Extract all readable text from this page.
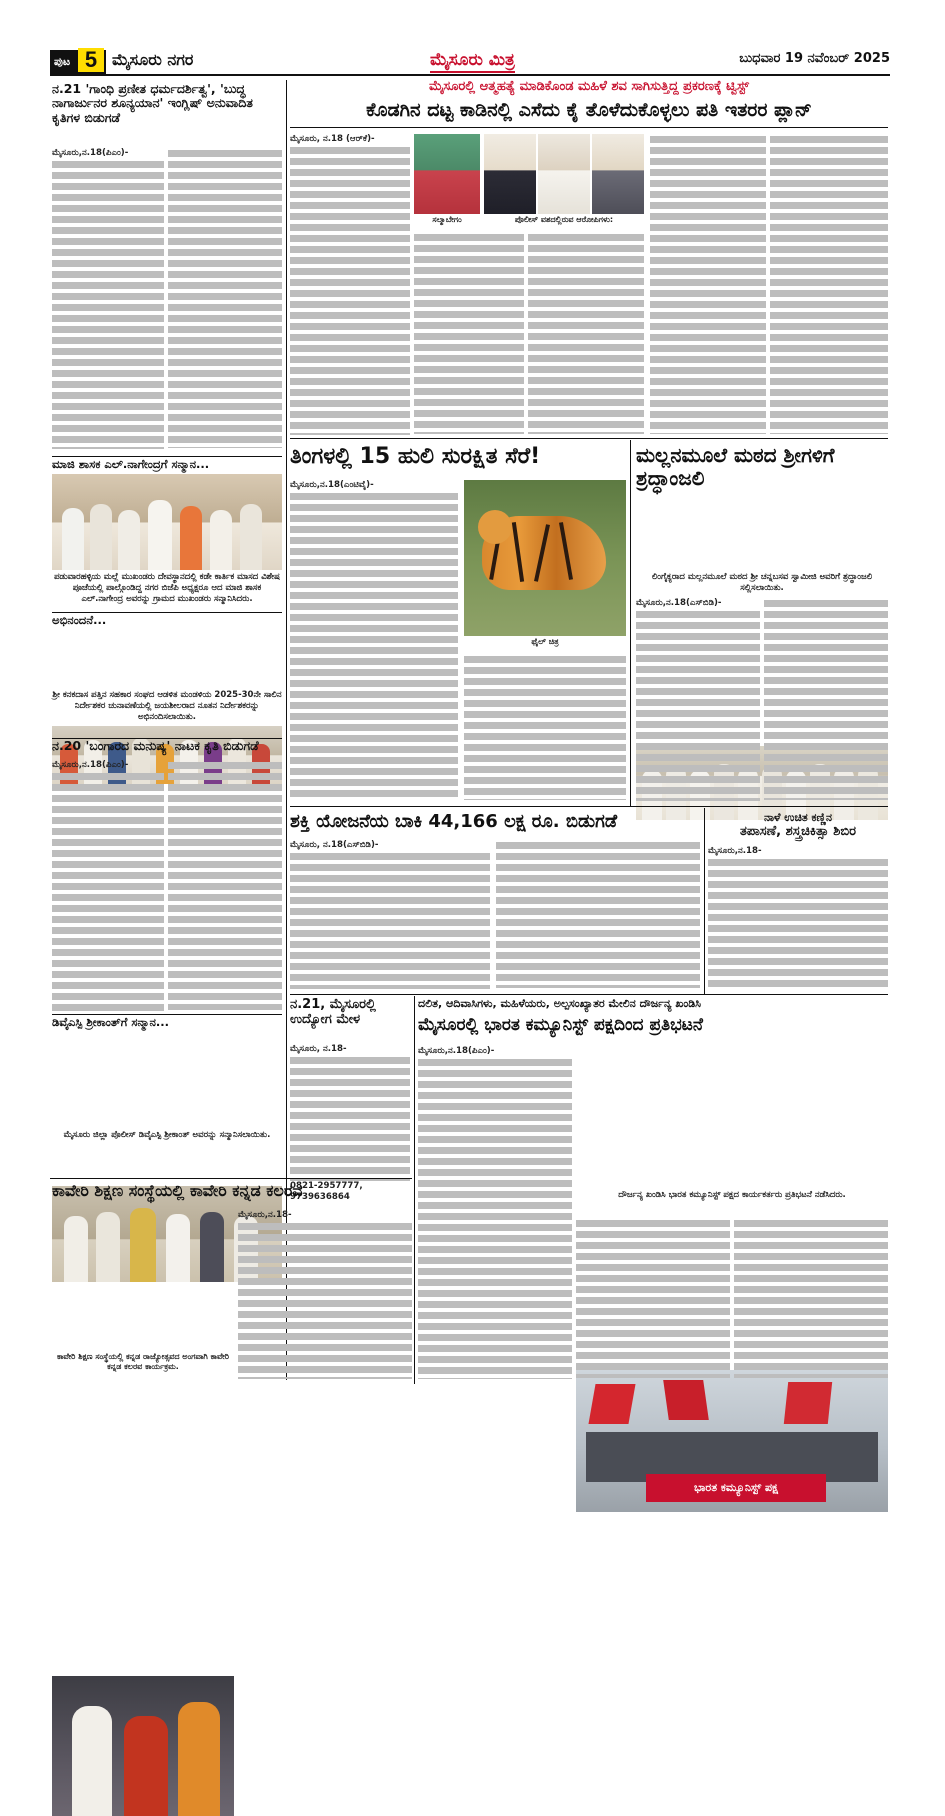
ಪುಟ 5 ಮೈಸೂರು ನಗರ	ಮೈಸೂರು ಮಿತ್ರ	ಬುಧವಾರ 19 ನವೆಂಬರ್ 2025
ನ.21 'ಗಾಂಧಿ ಪ್ರಣೀತ ಧರ್ಮದರ್ಶಿತ್ವ', 'ಬುದ್ಧ ನಾಗಾರ್ಜುನರ ಶೂನ್ಯಯಾನ' ಇಂಗ್ಲಿಷ್ ಅನುವಾದಿತ ಕೃತಿಗಳ ಬಿಡುಗಡೆ
ಮೈಸೂರು,ನ.18(ಪಿಎಂ)-
ಮಾಜಿ ಶಾಸಕ ಎಲ್.ನಾಗೇಂದ್ರಗೆ ಸನ್ಮಾನ...
ಪಡುವಾರಹಳ್ಳಿಯ ಮಲ್ಲೆ ಮುಖಂಡರು ದೇವಸ್ಥಾನದಲ್ಲಿ ಕಡೇ ಕಾರ್ತಿಕ ಮಾಸದ ವಿಶೇಷ ಪೂಜೆಯಲ್ಲಿ ಪಾಲ್ಗೊಂಡಿದ್ದ ನಗರ ಬಿಜೆಪಿ ಅಧ್ಯಕ್ಷರೂ ಆದ ಮಾಜಿ ಶಾಸಕ ಎಲ್.ನಾಗೇಂದ್ರ ಅವರನ್ನು ಗ್ರಾಮದ ಮುಖಂಡರು ಸನ್ಮಾನಿಸಿದರು.
ಅಭಿನಂದನೆ...
ಶ್ರೀ ಕನಕದಾಸ ಪತ್ತಿನ ಸಹಕಾರ ಸಂಘದ ಆಡಳಿತ ಮಂಡಳಿಯ 2025-30ನೇ ಸಾಲಿನ ನಿರ್ದೇಶಕರ ಚುನಾವಣೆಯಲ್ಲಿ ಜಯಶೀಲರಾದ ನೂತನ ನಿರ್ದೇಶಕರನ್ನು ಅಭಿನಂದಿಸಲಾಯಿತು.
ನ.20 'ಬಂಗಾರದ ಮನುಷ್ಯ' ನಾಟಕ ಕೃತಿ ಬಿಡುಗಡೆ
ಮೈಸೂರು,ನ.18(ಪಿಎಂ)-
ಡಿವೈಎಸ್ಪಿ ಶ್ರೀಕಾಂತ್‌ಗೆ ಸನ್ಮಾನ...
ಮೈಸೂರು ಜಿಲ್ಲಾ ಪೊಲೀಸ್ ಡಿವೈಎಸ್ಪಿ ಶ್ರೀಕಾಂತ್ ಅವರನ್ನು ಸನ್ಮಾನಿಸಲಾಯಿತು.
ಮೈಸೂರಲ್ಲಿ ಆತ್ಮಹತ್ಯೆ ಮಾಡಿಕೊಂಡ ಮಹಿಳೆ ಶವ ಸಾಗಿಸುತ್ತಿದ್ದ ಪ್ರಕರಣಕ್ಕೆ ಟ್ವಿಸ್ಟ್
ಕೊಡಗಿನ ದಟ್ಟ ಕಾಡಿನಲ್ಲಿ ಎಸೆದು ಕೈ ತೊಳೆದುಕೊಳ್ಳಲು ಪತಿ ಇತರರ ಪ್ಲಾನ್
ಮೈಸೂರು, ನ.18 (ಆರ್‌ಕೆ)-
ಸಲ್ಮಾಬೇಗಂ	ಪೊಲೀಸ್ ವಶದಲ್ಲಿರುವ ಆರೋಪಿಗಳು:
ತಿಂಗಳಲ್ಲಿ 15 ಹುಲಿ ಸುರಕ್ಷಿತ ಸೆರೆ!
ಮೈಸೂರು,ನ.18(ಎಂಟಿವೈ)-
ಫೈಲ್ ಚಿತ್ರ
ಮಲ್ಲನಮೂಲೆ ಮಠದ ಶ್ರೀಗಳಿಗೆ ಶ್ರದ್ಧಾಂಜಲಿ
ಲಿಂಗೈಕ್ಯರಾದ ಮಲ್ಲನಮೂಲೆ ಮಠದ ಶ್ರೀ ಚನ್ನಬಸವ ಸ್ವಾಮೀಜಿ ಅವರಿಗೆ ಶ್ರದ್ಧಾಂಜಲಿ ಸಲ್ಲಿಸಲಾಯಿತು.
ಮೈಸೂರು,ನ.18(ಎಸ್‌ಬಿಡಿ)-
ಶಕ್ತಿ ಯೋಜನೆಯ ಬಾಕಿ 44,166 ಲಕ್ಷ ರೂ. ಬಿಡುಗಡೆ
ಮೈಸೂರು, ನ.18(ಎಸ್‌ಬಿಡಿ)-
ನಾಳೆ ಉಚಿತ ಕಣ್ಣಿನ
ತಪಾಸಣೆ, ಶಸ್ತ್ರಚಿಕಿತ್ಸಾ ಶಿಬಿರ
ಮೈಸೂರು,ನ.18-
ನ.21, ಮೈಸೂರಲ್ಲಿ ಉದ್ಯೋಗ ಮೇಳ
ಮೈಸೂರು, ನ.18-
0821-2957777, 9739636864
ದಲಿತ, ಆದಿವಾಸಿಗಳು, ಮಹಿಳೆಯರು, ಅಲ್ಪಸಂಖ್ಯಾತರ ಮೇಲಿನ ದೌರ್ಜನ್ಯ ಖಂಡಿಸಿ
ಮೈಸೂರಲ್ಲಿ ಭಾರತ ಕಮ್ಯೂನಿಸ್ಟ್ ಪಕ್ಷದಿಂದ ಪ್ರತಿಭಟನೆ
ಮೈಸೂರು,ನ.18(ಪಿಎಂ)-
ಭಾರತ ಕಮ್ಯೂನಿಸ್ಟ್ ಪಕ್ಷ
ದೌರ್ಜನ್ಯ ಖಂಡಿಸಿ ಭಾರತ ಕಮ್ಯೂನಿಸ್ಟ್ ಪಕ್ಷದ ಕಾರ್ಯಕರ್ತರು ಪ್ರತಿಭಟನೆ ನಡೆಸಿದರು.
ಕಾವೇರಿ ಶಿಕ್ಷಣ ಸಂಸ್ಥೆಯಲ್ಲಿ ಕಾವೇರಿ ಕನ್ನಡ ಕಲರವ
ಕಾವೇರಿ ಶಿಕ್ಷಣ ಸಂಸ್ಥೆಯಲ್ಲಿ ಕನ್ನಡ ರಾಜ್ಯೋತ್ಸವದ ಅಂಗವಾಗಿ ಕಾವೇರಿ ಕನ್ನಡ ಕಲರವ ಕಾರ್ಯಕ್ರಮ.
ಮೈಸೂರು,ನ.18-
